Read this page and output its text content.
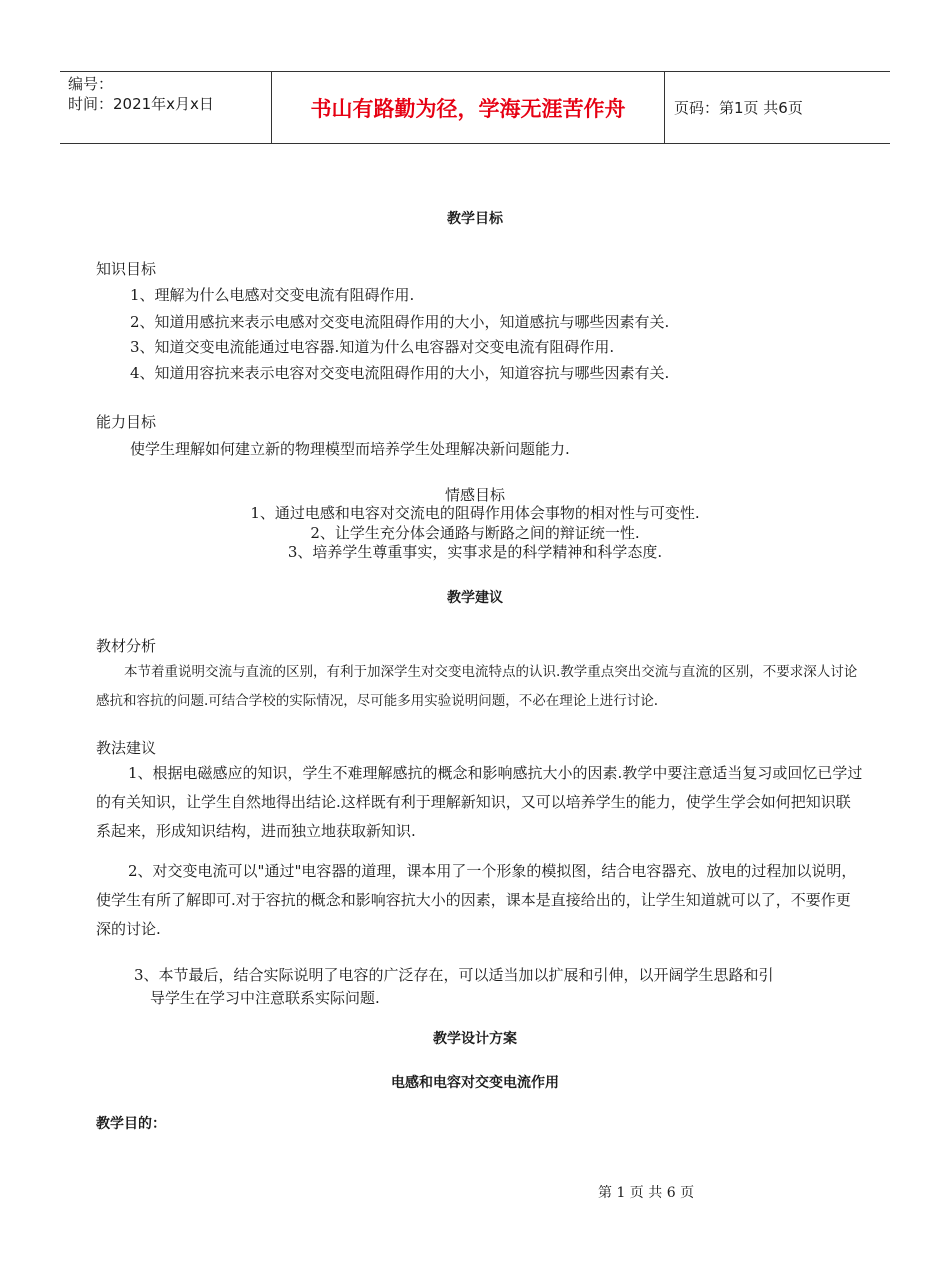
编号：
时间：2021年x月x日	书山有路勤为径，学海无涯苦作舟	页码：第1页 共6页
教学目标
知识目标
1、理解为什么电感对交变电流有阻碍作用.
2、知道用感抗来表示电感对交变电流阻碍作用的大小，知道感抗与哪些因素有关.
3、知道交变电流能通过电容器.知道为什么电容器对交变电流有阻碍作用.
4、知道用容抗来表示电容对交变电流阻碍作用的大小，知道容抗与哪些因素有关.
能力目标
使学生理解如何建立新的物理模型而培养学生处理解决新问题能力.
情感目标
1、通过电感和电容对交流电的阻碍作用体会事物的相对性与可变性.
2、让学生充分体会通路与断路之间的辩证统一性.
3、培养学生尊重事实，实事求是的科学精神和科学态度.
教学建议
教材分析
本节着重说明交流与直流的区别，有利于加深学生对交变电流特点的认识.教学重点突出交流与直流的区别，不要求深人讨论感抗和容抗的问题.可结合学校的实际情况，尽可能多用实验说明问题，不必在理论上进行讨论.
教法建议
1、根据电磁感应的知识，学生不难理解感抗的概念和影响感抗大小的因素.教学中要注意适当复习或回忆已学过的有关知识，让学生自然地得出结论.这样既有利于理解新知识，又可以培养学生的能力，使学生学会如何把知识联系起来，形成知识结构，进而独立地获取新知识.
2、对交变电流可以"通过"电容器的道理，课本用了一个形象的模拟图，结合电容器充、放电的过程加以说明，使学生有所了解即可.对于容抗的概念和影响容抗大小的因素，课本是直接给出的，让学生知道就可以了，不要作更深的讨论.
3、本节最后，结合实际说明了电容的广泛存在，可以适当加以扩展和引伸，以开阔学生思路和引
导学生在学习中注意联系实际问题.
教学设计方案
电感和电容对交变电流作用
教学目的：
第 1 页 共 6 页
